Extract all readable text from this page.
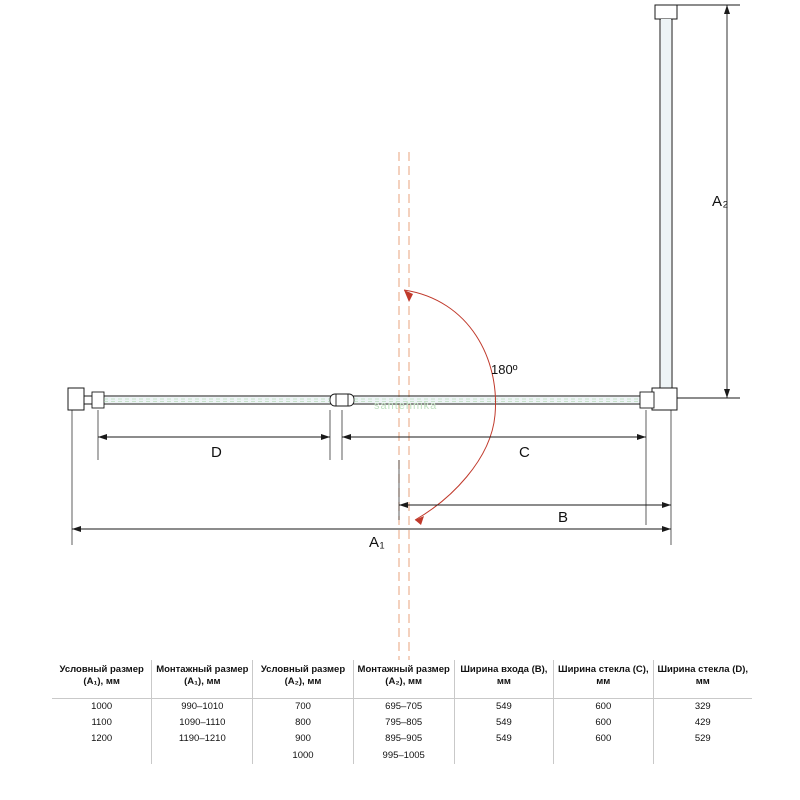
D	C
B
A₁
A₂
180º
santehnika
Условный размер (A₁), мм	Монтажный размер (A₁), мм	Условный размер (A₂), мм	Монтажный размер (A₂), мм	Ширина входа (B), мм	Ширина стекла (C), мм	Ширина стекла (D), мм
1000	990–1010	700	695–705	549	600	329
1100	1090–1110	800	795–805	549	600	429
1200	1190–1210	900	895–905	549	600	529
		1000	995–1005			
